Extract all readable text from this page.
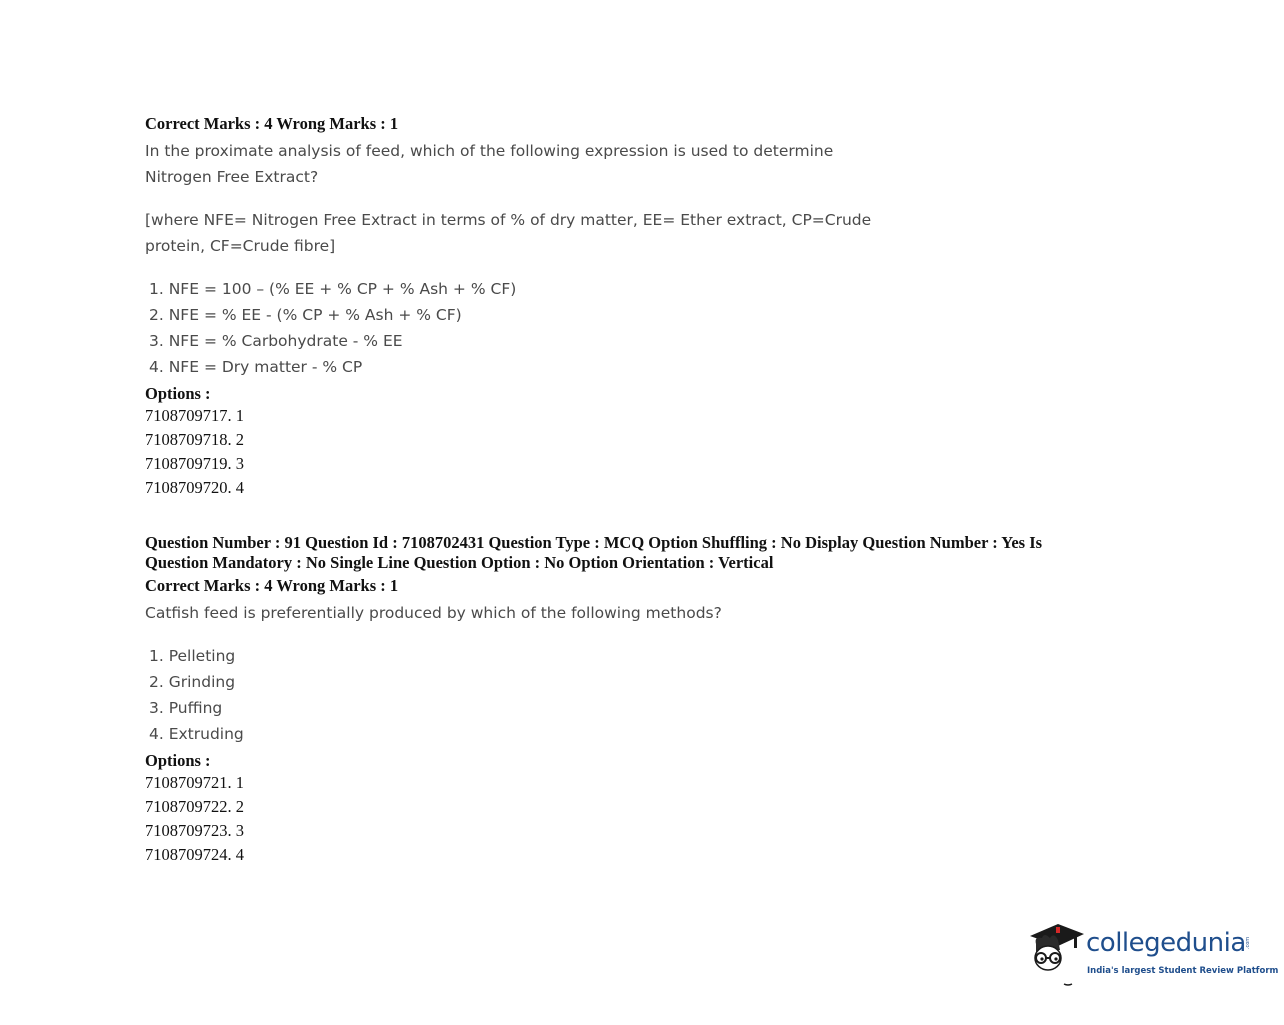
Correct Marks : 4 Wrong Marks : 1
In the proximate analysis of feed, which of the following expression is used to determine
Nitrogen Free Extract?
[where NFE= Nitrogen Free Extract in terms of % of dry matter, EE= Ether extract, CP=Crude
protein, CF=Crude fibre]
1. NFE = 100 – (% EE + % CP + % Ash + % CF)
2. NFE = % EE - (% CP + % Ash + % CF)
3. NFE = % Carbohydrate - % EE
4. NFE = Dry matter - % CP
Options :
7108709717. 1
7108709718. 2
7108709719. 3
7108709720. 4
Question Number : 91 Question Id : 7108702431 Question Type : MCQ Option Shuffling : No Display Question Number : Yes Is
Question Mandatory : No Single Line Question Option : No Option Orientation : Vertical
Correct Marks : 4 Wrong Marks : 1
Catfish feed is preferentially produced by which of the following methods?
1. Pelleting
2. Grinding
3. Puffing
4. Extruding
Options :
7108709721. 1
7108709722. 2
7108709723. 3
7108709724. 4
collegedunia .com
India's largest Student Review Platform
